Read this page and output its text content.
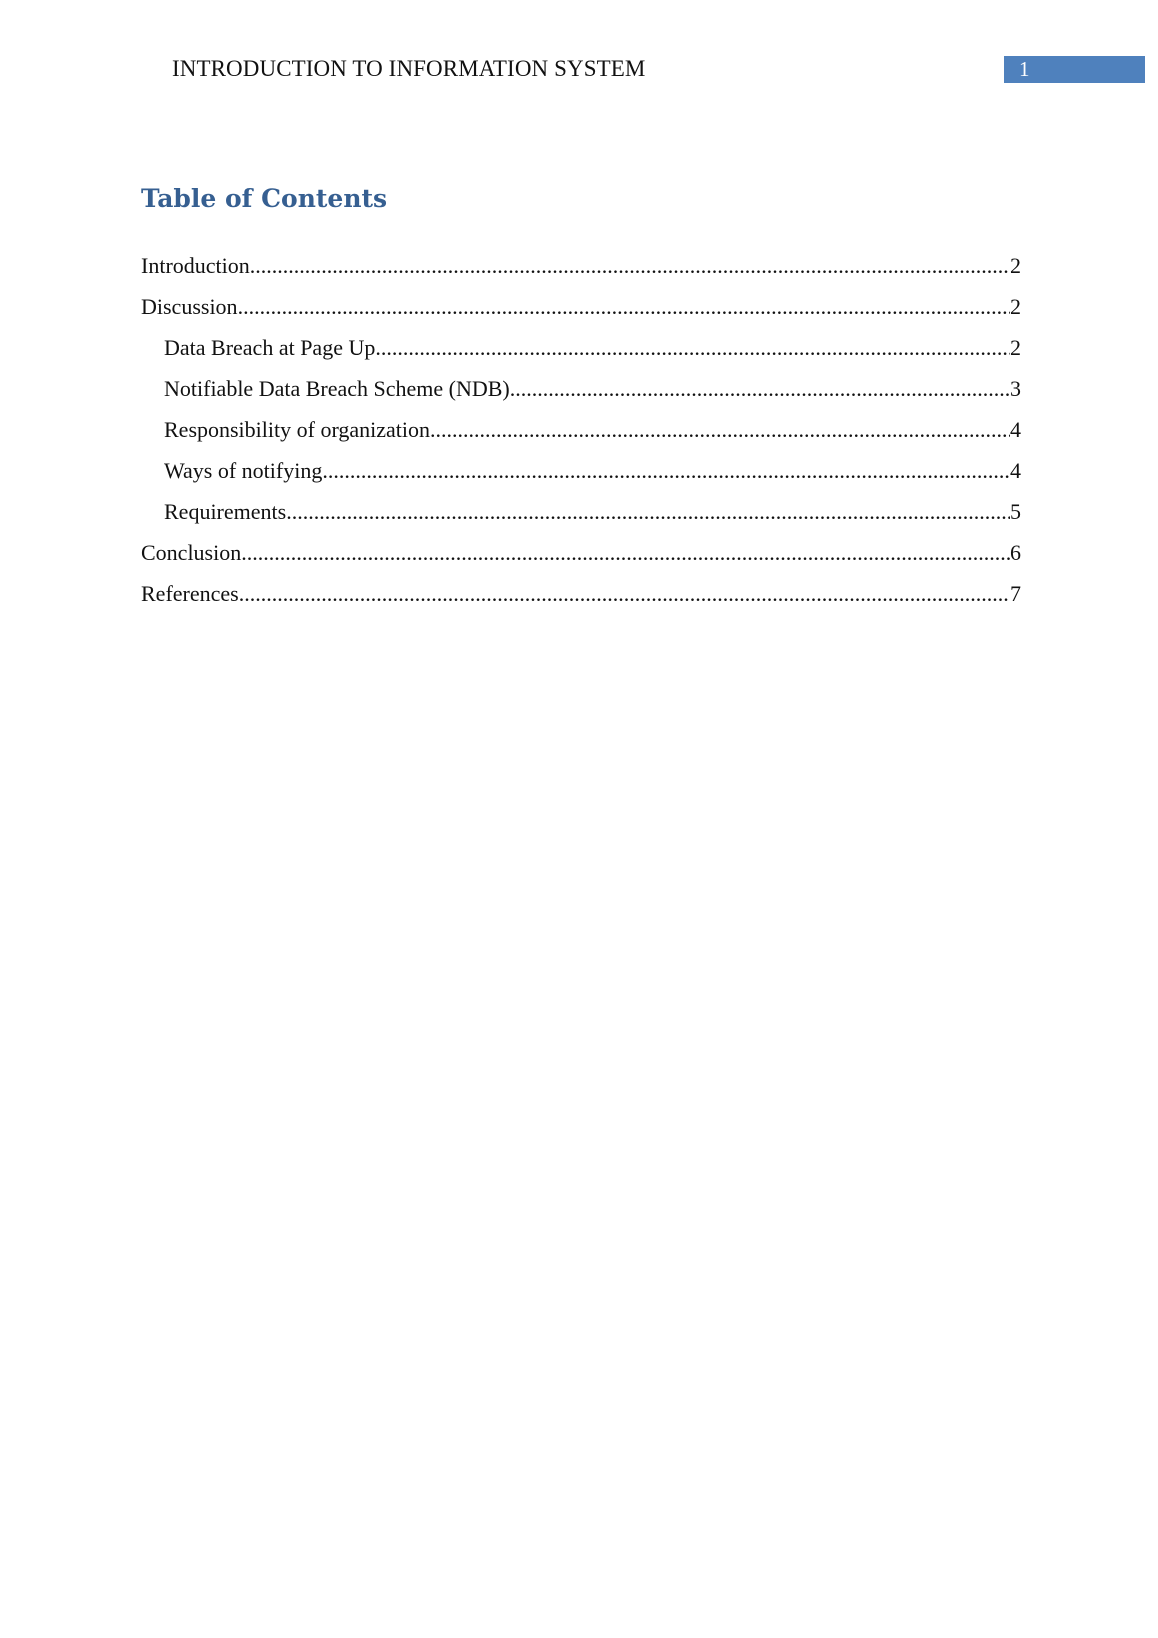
INTRODUCTION TO INFORMATION SYSTEM	1
Table of Contents
Introduction .....	2
Discussion .....	2
Data Breach at Page Up .....	2
Notifiable Data Breach Scheme (NDB) .....	3
Responsibility of organization .....	4
Ways of notifying .....	4
Requirements .....	5
Conclusion .....	6
References .....	7
